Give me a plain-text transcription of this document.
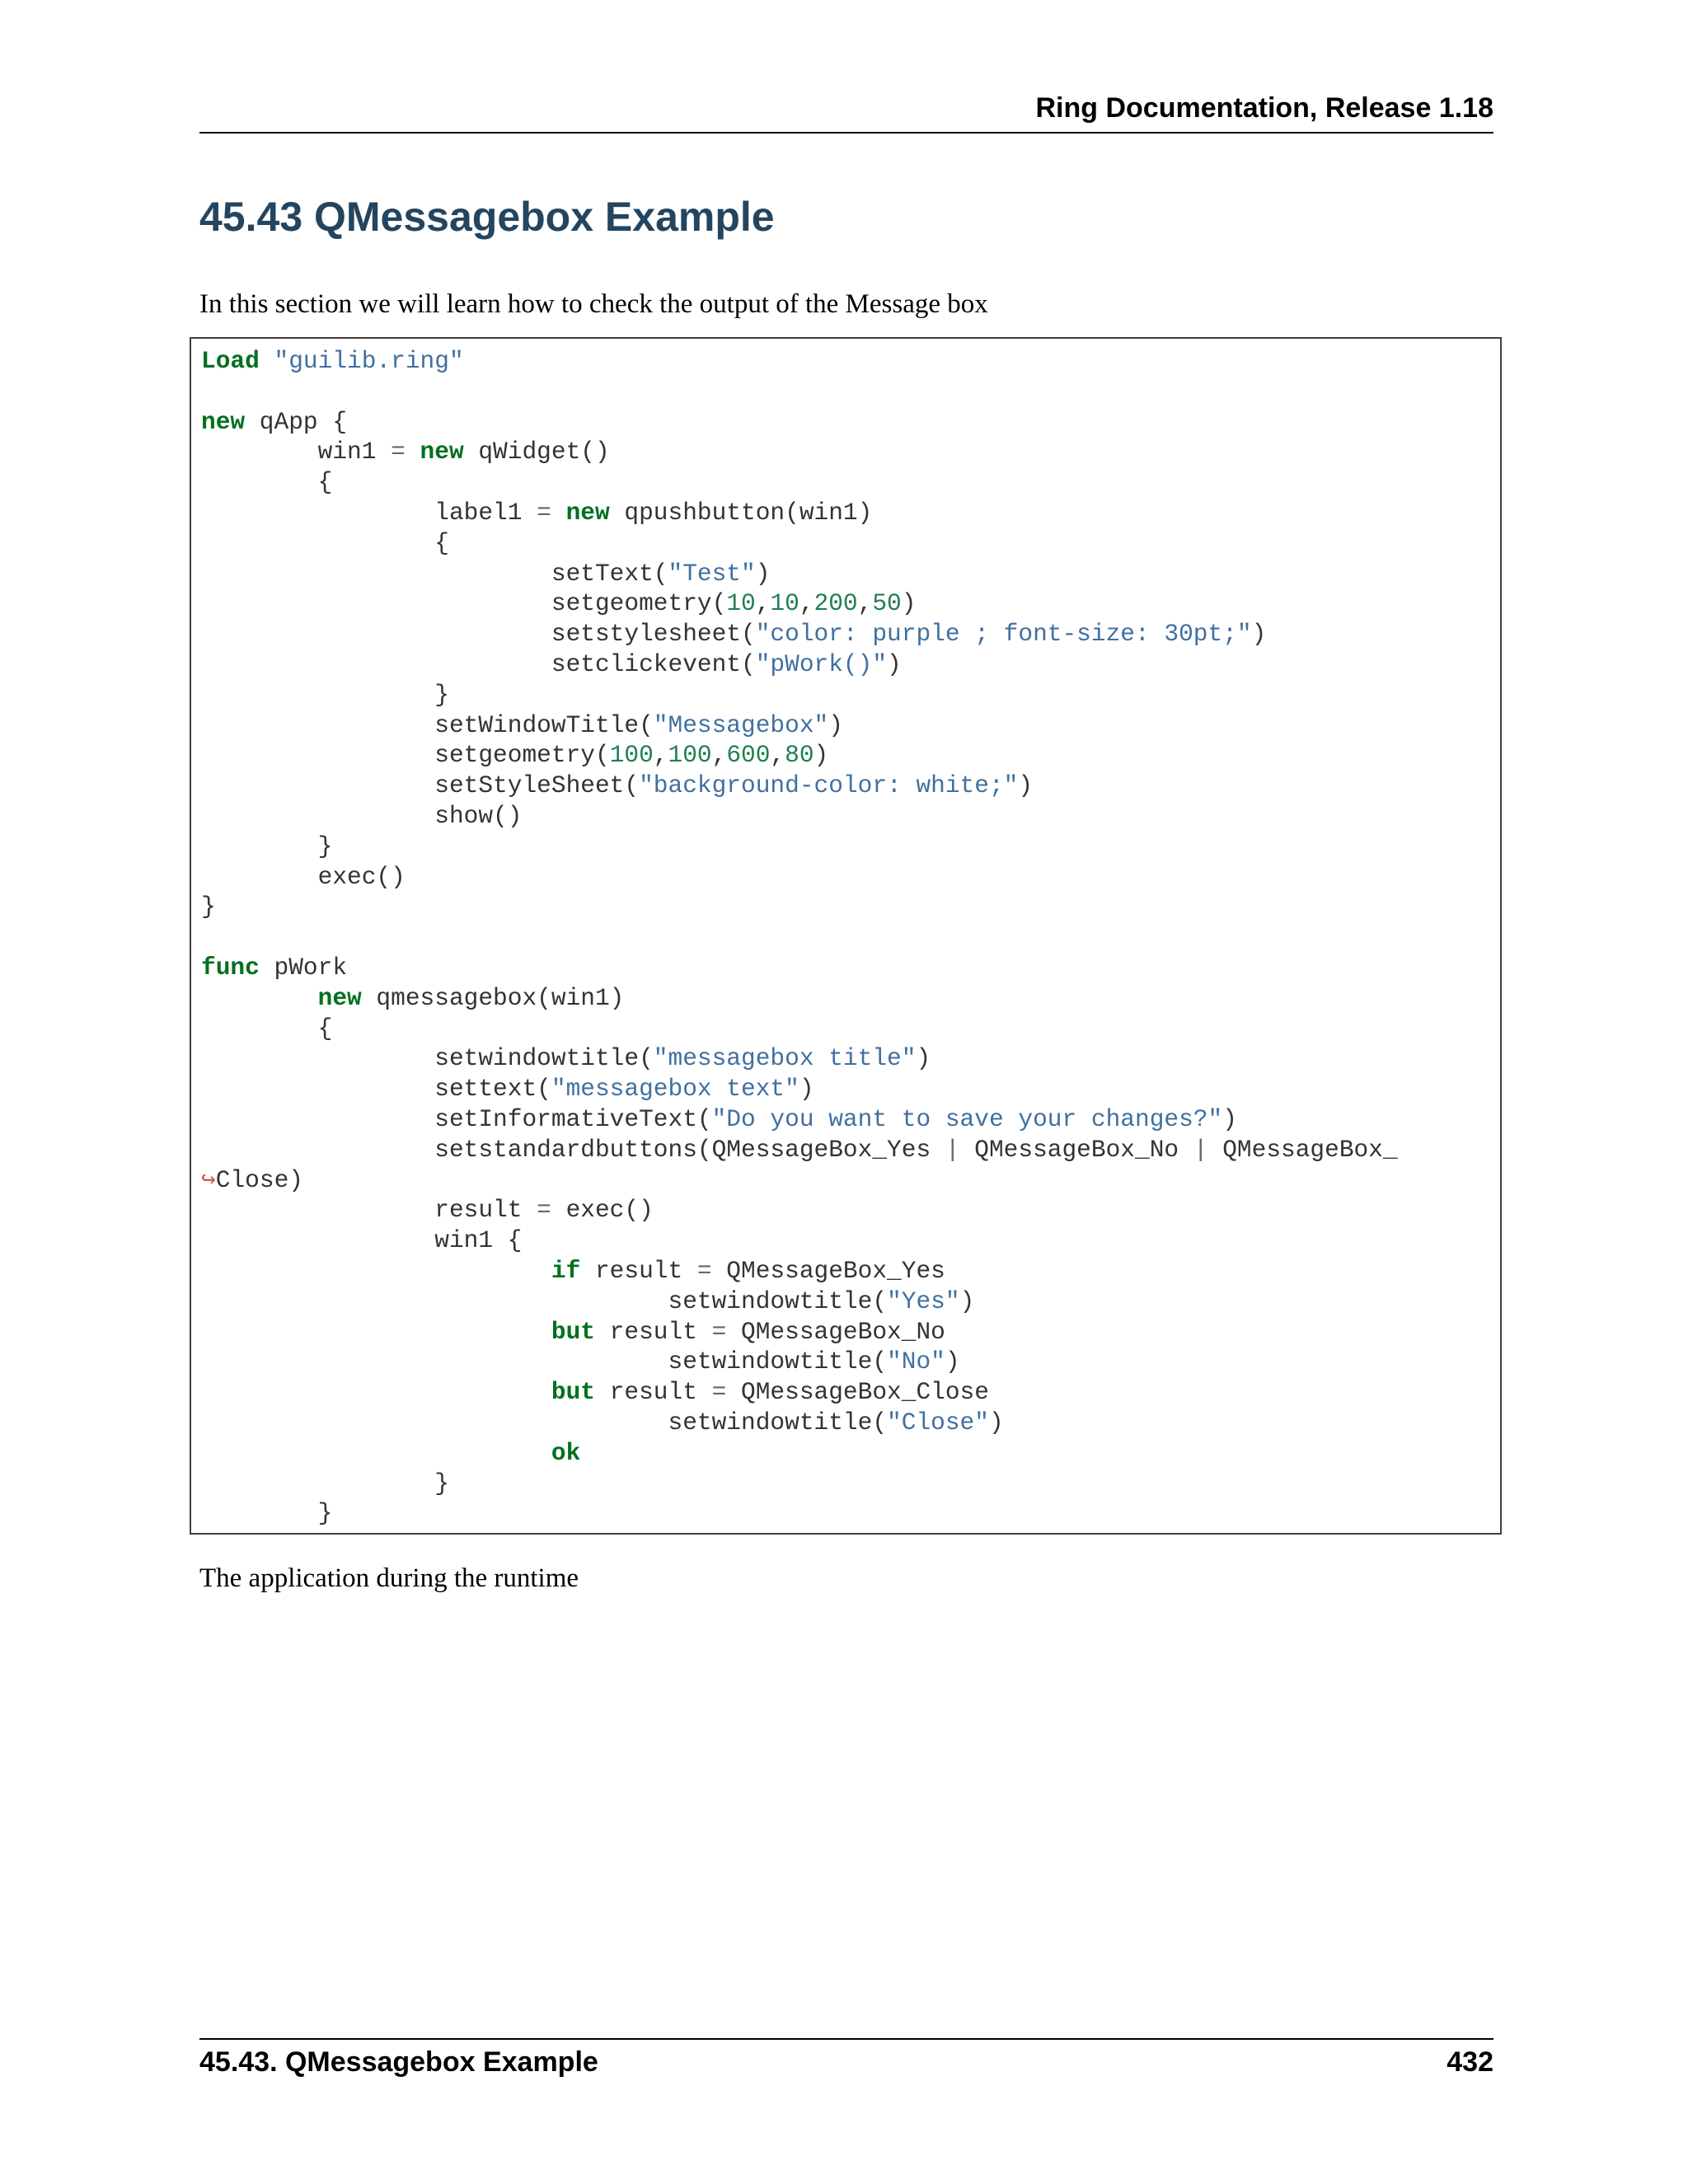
Ring Documentation, Release 1.18
45.43 QMessagebox Example

In this section we will learn how to check the output of the Message box

Load "guilib.ring"
new qApp {
win1 = new qWidget()
{
label1 = new qpushbutton(win1)
{
setText("Test")
setgeometry(10,10,200,50)
setstylesheet("color: purple ; font-size: 30pt;")
setclickevent("pWork()")
}
setWindowTitle("Messagebox")
setgeometry(100,100,600,80)
setStyleSheet("background-color: white;")
show()
}
exec()
}
func pWork
new qmessagebox(win1)
{
setwindowtitle("messagebox title")
settext("messagebox text")
setInformativeText("Do you want to save your changes?")
setstandardbuttons(QMessageBox_Yes | QMessageBox_No | QMessageBox_
↪Close)
result = exec()
win1 {
if result = QMessageBox_Yes
setwindowtitle("Yes")
but result = QMessageBox_No
setwindowtitle("No")
but result = QMessageBox_Close
setwindowtitle("Close")
ok
}
}

The application during the runtime

45.43. QMessagebox Example	432
